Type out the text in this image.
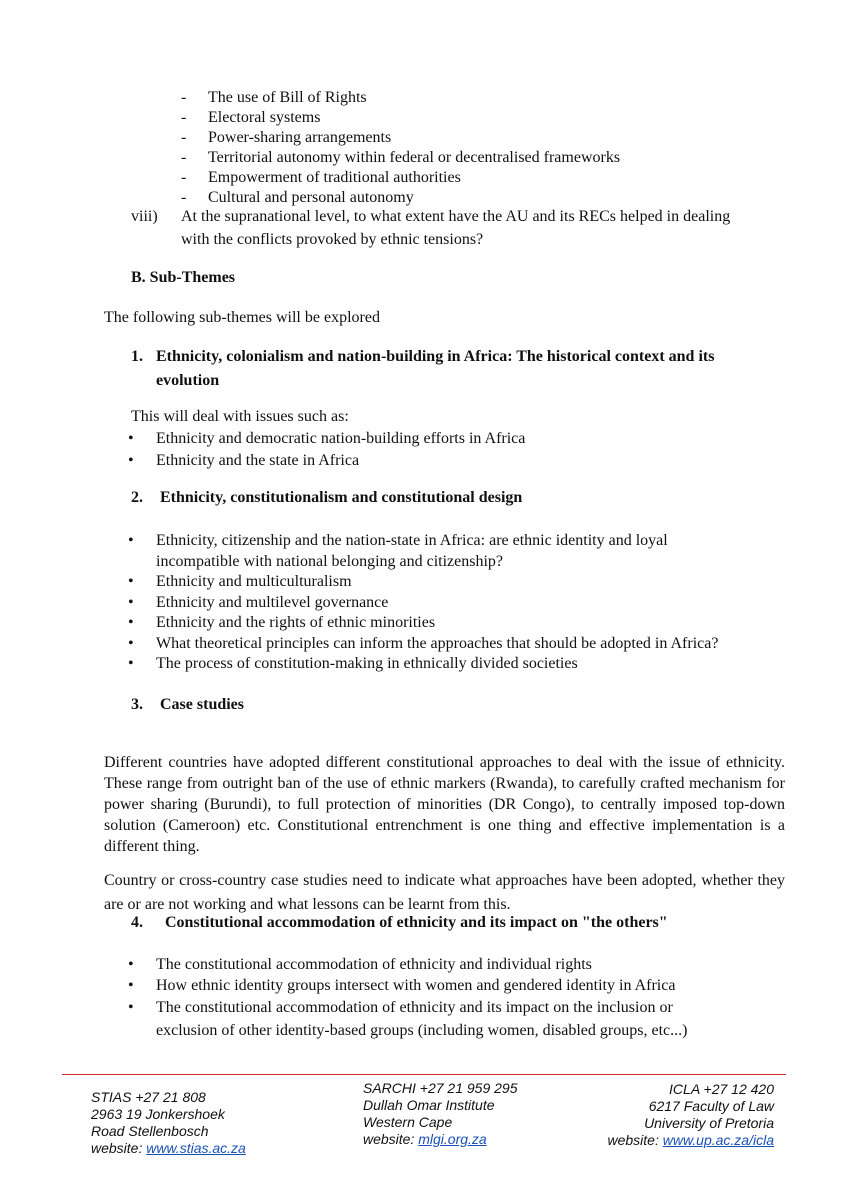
- The use of Bill of Rights
- Electoral systems
- Power-sharing arrangements
- Territorial autonomy within federal or decentralised frameworks
- Empowerment of traditional authorities
- Cultural and personal autonomy
viii) At the supranational level, to what extent have the AU and its RECs helped in dealing
with the conflicts provoked by ethnic tensions?
B. Sub-Themes
The following sub-themes will be explored
1. Ethnicity, colonialism and nation-building in Africa: The historical context and its
evolution
This will deal with issues such as:
• Ethnicity and democratic nation-building efforts in Africa
• Ethnicity and the state in Africa
2. Ethnicity, constitutionalism and constitutional design
• Ethnicity, citizenship and the nation-state in Africa: are ethnic identity and loyal incompatible with national belonging and citizenship?
• Ethnicity and multiculturalism
• Ethnicity and multilevel governance
• Ethnicity and the rights of ethnic minorities
• What theoretical principles can inform the approaches that should be adopted in Africa?
• The process of constitution-making in ethnically divided societies
3. Case studies

Different countries have adopted different constitutional approaches to deal with the issue of ethnicity. These range from outright ban of the use of ethnic markers (Rwanda), to carefully crafted mechanism for power sharing (Burundi), to full protection of minorities (DR Congo), to centrally imposed top-down solution (Cameroon) etc. Constitutional entrenchment is one thing and effective implementation is a different thing.

Country or cross-country case studies need to indicate what approaches have been adopted, whether they are or are not working and what lessons can be learnt from this.

4. Constitutional accommodation of ethnicity and its impact on "the others"
• The constitutional accommodation of ethnicity and individual rights
• How ethnic identity groups intersect with women and gendered identity in Africa
• The constitutional accommodation of ethnicity and its impact on the inclusion or exclusion of other identity-based groups (including women, disabled groups, etc...)
STIAS +27 21 808
2963 19 Jonkershoek
Road Stellenbosch
website: www.stias.ac.za
SARCHI +27 21 959 295
Dullah Omar Institute
Western Cape
website: mlgi.org.za
ICLA +27 12 420
6217 Faculty of Law
University of Pretoria
website: www.up.ac.za/icla
